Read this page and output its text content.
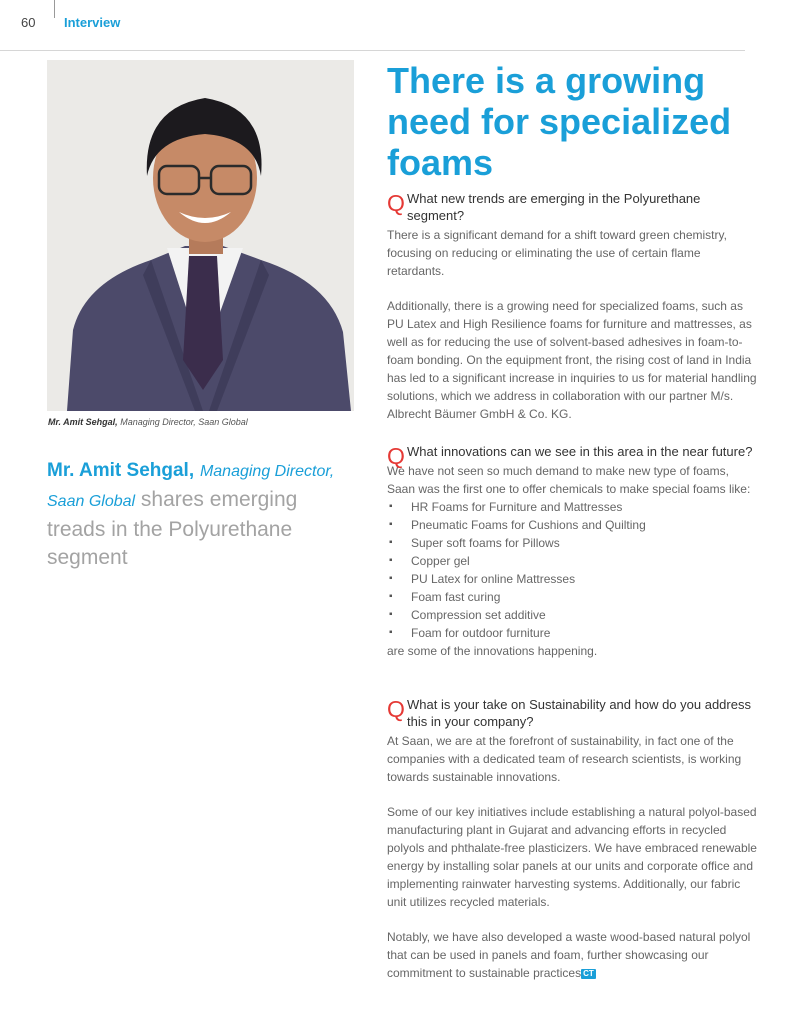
60 Interview
Mr. Amit Sehgal, Managing Director, Saan Global
Mr. Amit Sehgal, Managing Director, Saan Global shares emerging treads in the Polyurethane segment
There is a growing need for specialized foams
Q What new trends are emerging in the Polyurethane segment?

There is a significant demand for a shift toward green chemistry, focusing on reducing or eliminating the use of certain flame retardants.

Additionally, there is a growing need for specialized foams, such as PU Latex and High Resilience foams for furniture and mattresses, as well as for reducing the use of solvent-based adhesives in foam-to-foam bonding. On the equipment front, the rising cost of land in India has led to a significant increase in inquiries to us for material handling solutions, which we address in collaboration with our partner M/s. Albrecht Bäumer GmbH & Co. KG.

Q What innovations can we see in this area in the near future?

We have not seen so much demand to make new type of foams, Saan was the first one to offer chemicals to make special foams like:

▪ HR Foams for Furniture and Mattresses
▪ Pneumatic Foams for Cushions and Quilting
▪ Super soft foams for Pillows
▪ Copper gel
▪ PU Latex for online Mattresses
▪ Foam fast curing
▪ Compression set additive
▪ Foam for outdoor furniture

are some of the innovations happening.

Q What is your take on Sustainability and how do you address this in your company?

At Saan, we are at the forefront of sustainability, in fact one of the companies with a dedicated team of research scientists, is working towards sustainable innovations.

Some of our key initiatives include establishing a natural polyol-based manufacturing plant in Gujarat and advancing efforts in recycled polyols and phthalate-free plasticizers. We have embraced renewable energy by installing solar panels at our units and corporate office and implementing rainwater harvesting systems. Additionally, our fabric unit utilizes recycled materials.

Notably, we have also developed a waste wood-based natural polyol that can be used in panels and foam, further showcasing our commitment to sustainable practices CT
